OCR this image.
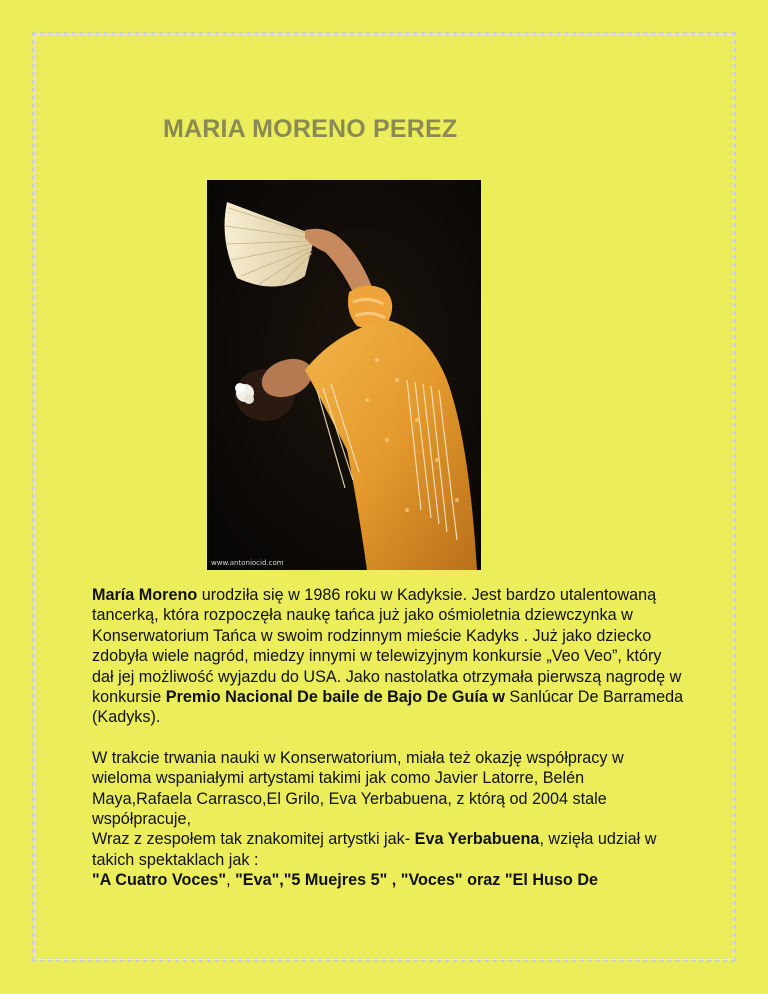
MARIA MORENO PEREZ
www.antoniocid.com

María Moreno urodziła się w 1986 roku w Kadyksie. Jest bardzo utalentowaną tancerką, która rozpoczęła naukę tańca już jako ośmioletnia dziewczynka w Konserwatorium Tańca w swoim rodzinnym mieście Kadyks . Już jako dziecko zdobyła wiele nagród, miedzy innymi w telewizyjnym konkursie „Veo Veo”, który dał jej możliwość wyjazdu do USA. Jako nastolatka otrzymała pierwszą nagrodę w konkursie Premio Nacional De baile de Bajo De Guía w Sanlúcar De Barrameda (Kadyks).

W trakcie trwania nauki w Konserwatorium, miała też okazję współpracy w wieloma wspaniałymi artystami takimi jak como Javier Latorre, Belén Maya,Rafaela Carrasco,El Grilo, Eva Yerbabuena, z którą od 2004 stale współpracuje,
Wraz z zespołem tak znakomitej artystki jak- Eva Yerbabuena, wzięła udział w takich spektaklach jak :
"A Cuatro Voces", "Eva","5 Muejres 5" , "Voces" oraz "El Huso De
